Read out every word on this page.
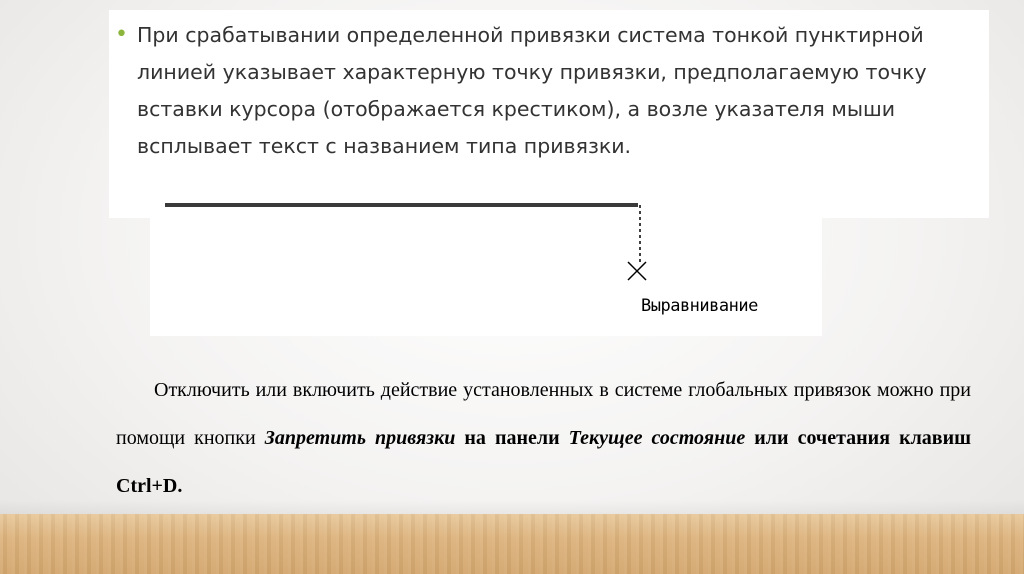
• При срабатывании определенной привязки система тонкой пунктирной линией указывает характерную точку привязки, предполагаемую точку вставки курсора (отображается крестиком), а возле указателя мыши всплывает текст с названием типа привязки.

Выравнивание

Отключить или включить действие установленных в системе глобальных привязок можно при помощи кнопки Запретить привязки на панели Текущее состояние или сочетания клавиш Ctrl+D.
